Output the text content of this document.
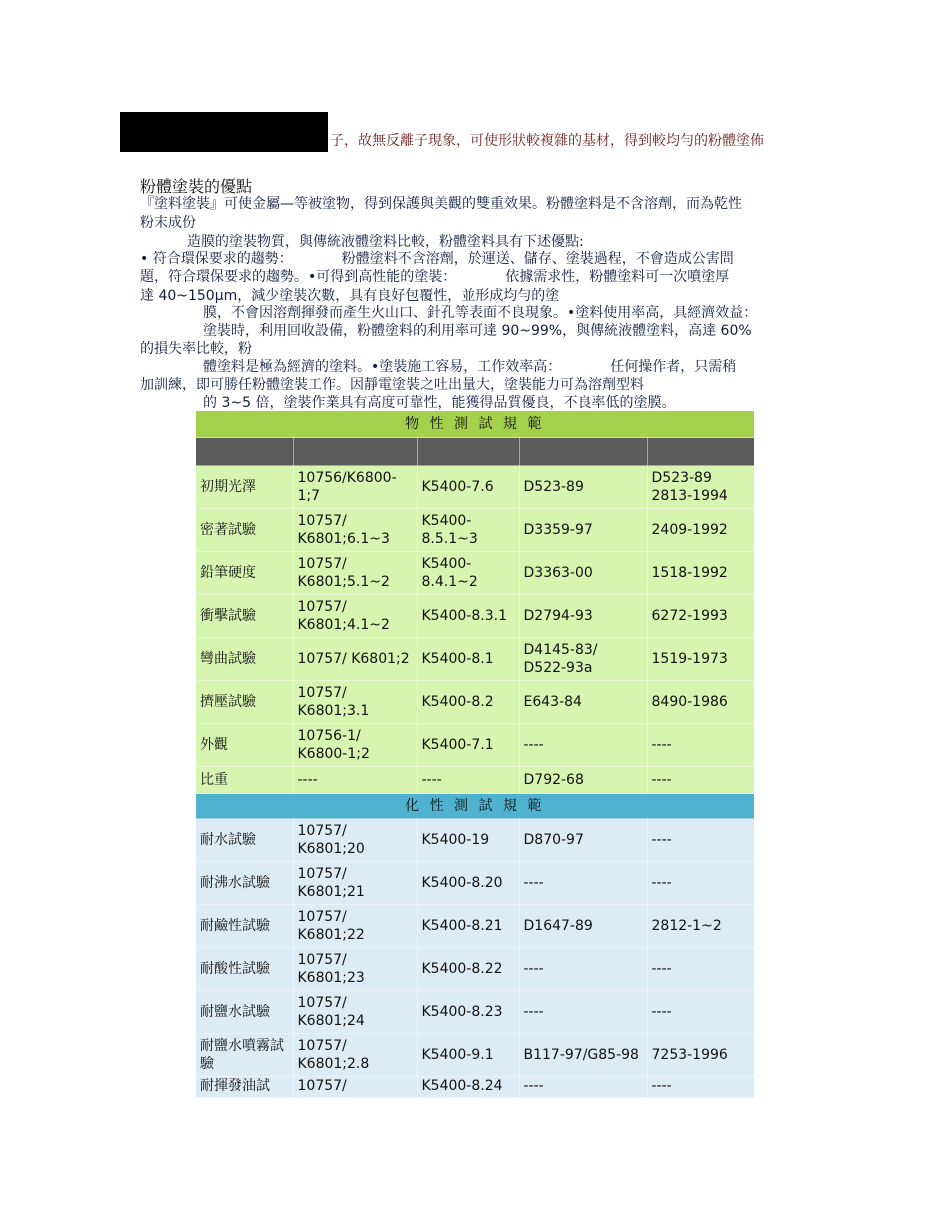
子，故無反離子現象，可使形狀較複雜的基材，得到較均勻的粉體塗佈
粉體塗裝的優點
『塗料塗裝』可使金屬—等被塗物，得到保護與美觀的雙重效果。粉體塗料是不含溶劑，而為乾性
粉末成份
造膜的塗裝物質，與傳統液體塗料比較，粉體塗料具有下述優點:
• 符合環保要求的趨勢：　　　　粉體塗料不含溶劑，於運送、儲存、塗裝過程，不會造成公害問
題，符合環保要求的趨勢。•可得到高性能的塗裝：　　　　依據需求性，粉體塗料可一次噴塗厚
達 40~150μm，減少塗裝次數，具有良好包覆性，並形成均勻的塗
膜，不會因溶劑揮發而產生火山口、針孔等表面不良現象。•塗料使用率高，具經濟效益：
塗裝時，利用回收設備，粉體塗料的利用率可達 90~99%，與傳統液體塗料，高達 60%
的損失率比較，粉
體塗料是極為經濟的塗料。•塗裝施工容易，工作效率高：　　　　任何操作者，只需稍
加訓練，即可勝任粉體塗裝工作。因靜電塗裝之吐出量大，塗裝能力可為溶劑型料
的 3~5 倍，塗裝作業具有高度可靠性，能獲得品質優良，不良率低的塗膜。
物 性 測 試 規 範				

初期光澤	10756/K6800-1;7	K5400-7.6	D523-89	D523-89 2813-1994
密著試驗	10757/ K6801;6.1~3	K5400-8.5.1~3	D3359-97	2409-1992
鉛筆硬度	10757/ K6801;5.1~2	K5400-8.4.1~2	D3363-00	1518-1992
衝擊試驗	10757/ K6801;4.1~2	K5400-8.3.1	D2794-93	6272-1993
彎曲試驗	10757/ K6801;2	K5400-8.1	D4145-83/ D522-93a	1519-1973
擠壓試驗	10757/ K6801;3.1	K5400-8.2	E643-84	8490-1986
外觀	10756-1/ K6800-1;2	K5400-7.1	----	----
比重	----	----	D792-68	----
化 性 測 試 規 範				
耐水試驗	10757/ K6801;20	K5400-19	D870-97	----
耐沸水試驗	10757/ K6801;21	K5400-8.20	----	----
耐鹼性試驗	10757/ K6801;22	K5400-8.21	D1647-89	2812-1~2
耐酸性試驗	10757/ K6801;23	K5400-8.22	----	----
耐鹽水試驗	10757/ K6801;24	K5400-8.23	----	----
耐鹽水噴霧試驗	10757/ K6801;2.8	K5400-9.1	B117-97/G85-98	7253-1996
耐揮發油試	10757/	K5400-8.24	----	----
